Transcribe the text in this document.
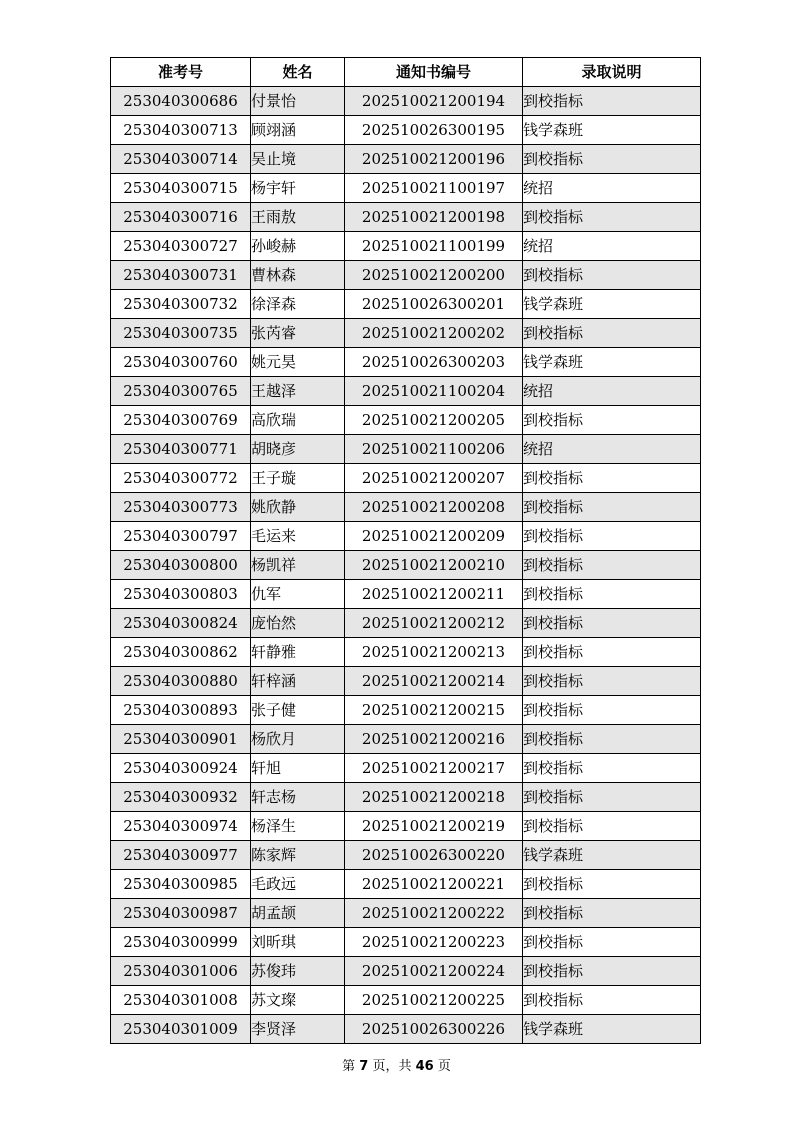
准考号	姓名	通知书编号	录取说明
253040300686	付景怡	202510021200194	到校指标
253040300713	顾翊涵	202510026300195	钱学森班
253040300714	吴止境	202510021200196	到校指标
253040300715	杨宇轩	202510021100197	统招
253040300716	王雨敖	202510021200198	到校指标
253040300727	孙峻赫	202510021100199	统招
253040300731	曹林森	202510021200200	到校指标
253040300732	徐泽森	202510026300201	钱学森班
253040300735	张芮睿	202510021200202	到校指标
253040300760	姚元昊	202510026300203	钱学森班
253040300765	王越泽	202510021100204	统招
253040300769	高欣瑞	202510021200205	到校指标
253040300771	胡晓彦	202510021100206	统招
253040300772	王子璇	202510021200207	到校指标
253040300773	姚欣静	202510021200208	到校指标
253040300797	毛运来	202510021200209	到校指标
253040300800	杨凯祥	202510021200210	到校指标
253040300803	仇军	202510021200211	到校指标
253040300824	庞怡然	202510021200212	到校指标
253040300862	轩静雅	202510021200213	到校指标
253040300880	轩梓涵	202510021200214	到校指标
253040300893	张子健	202510021200215	到校指标
253040300901	杨欣月	202510021200216	到校指标
253040300924	轩旭	202510021200217	到校指标
253040300932	轩志杨	202510021200218	到校指标
253040300974	杨泽生	202510021200219	到校指标
253040300977	陈家辉	202510026300220	钱学森班
253040300985	毛政远	202510021200221	到校指标
253040300987	胡孟颉	202510021200222	到校指标
253040300999	刘昕琪	202510021200223	到校指标
253040301006	苏俊玮	202510021200224	到校指标
253040301008	苏文璨	202510021200225	到校指标
253040301009	李贤泽	202510026300226	钱学森班
第 7 页，共 46 页
